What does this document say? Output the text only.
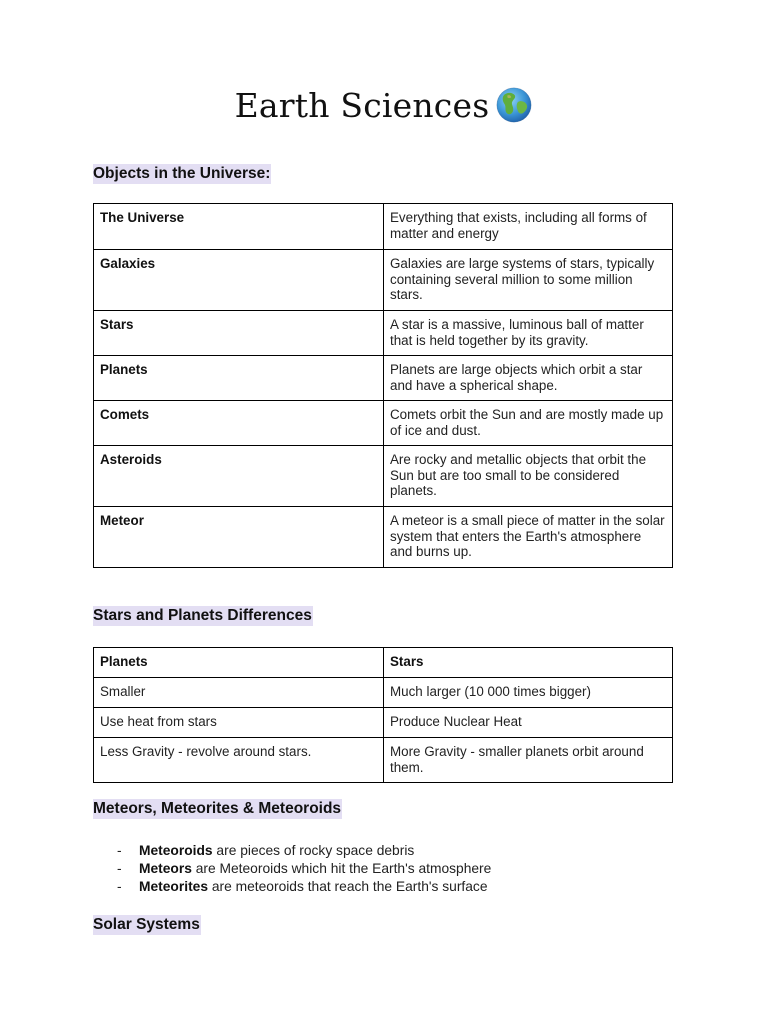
Earth Sciences
Objects in the Universe:
The Universe	Everything that exists, including all forms of matter and energy
Galaxies	Galaxies are large systems of stars, typically containing several million to some million stars.
Stars	A star is a massive, luminous ball of matter that is held together by its gravity.
Planets	Planets are large objects which orbit a star and have a spherical shape.
Comets	Comets orbit the Sun and are mostly made up of ice and dust.
Asteroids	Are rocky and metallic objects that orbit the Sun but are too small to be considered planets.
Meteor	A meteor is a small piece of matter in the solar system that enters the Earth's atmosphere and burns up.
Stars and Planets Differences
Planets	Stars
Smaller	Much larger (10 000 times bigger)
Use heat from stars	Produce Nuclear Heat
Less Gravity - revolve around stars.	More Gravity - smaller planets orbit around them.
Meteors, Meteorites & Meteoroids
- Meteoroids are pieces of rocky space debris
- Meteors are Meteoroids which hit the Earth's atmosphere
- Meteorites are meteoroids that reach the Earth's surface
Solar Systems
